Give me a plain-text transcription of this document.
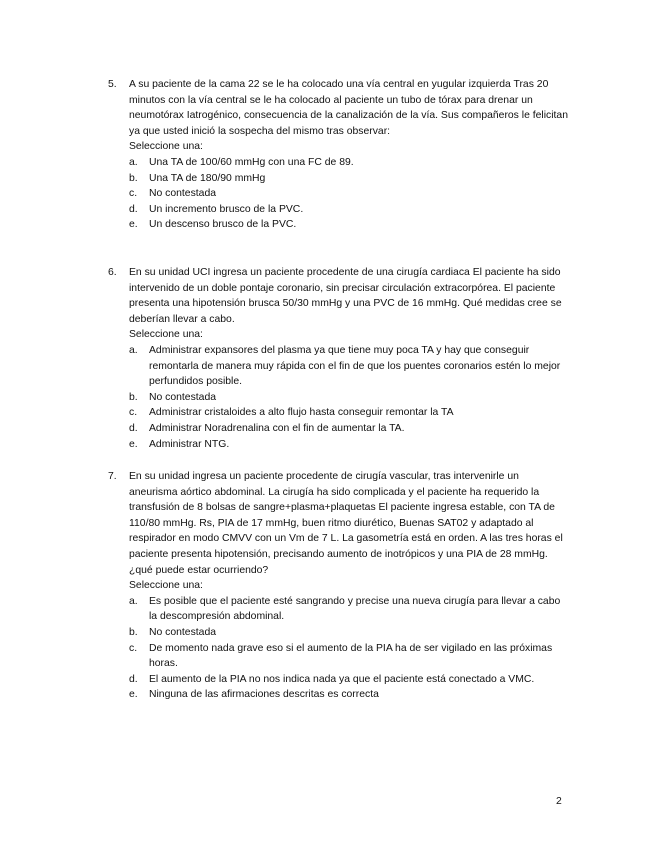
5. A su paciente de la cama 22 se le ha colocado una vía central en yugular izquierda Tras 20 minutos con la vía central se le ha colocado al paciente un tubo de tórax para drenar un neumotórax Iatrogénico, consecuencia de la canalización de la vía. Sus compañeros le felicitan ya que usted inició la sospecha del mismo tras observar:
Seleccione una:
a. Una TA de 100/60 mmHg con una FC de 89.
b. Una TA de 180/90 mmHg
c. No contestada
d. Un incremento brusco de la PVC.
e. Un descenso brusco de la PVC.
6. En su unidad UCI ingresa un paciente procedente de una cirugía cardiaca El paciente ha sido intervenido de un doble pontaje coronario, sin precisar circulación extracorpórea. El paciente presenta una hipotensión brusca 50/30 mmHg y una PVC de 16 mmHg. Qué medidas cree se deberían llevar a cabo.
Seleccione una:
a. Administrar expansores del plasma ya que tiene muy poca TA y hay que conseguir remontarla de manera muy rápida con el fin de que los puentes coronarios estén lo mejor perfundidos posible.
b. No contestada
c. Administrar cristaloides a alto flujo hasta conseguir remontar la TA
d. Administrar Noradrenalina con el fin de aumentar la TA.
e. Administrar NTG.
7. En su unidad ingresa un paciente procedente de cirugía vascular, tras intervenirle un aneurisma aórtico abdominal. La cirugía ha sido complicada y el paciente ha requerido la transfusión de 8 bolsas de sangre+plasma+plaquetas El paciente ingresa estable, con TA de 110/80 mmHg. Rs, PIA de 17 mmHg, buen ritmo diurético, Buenas SAT02 y adaptado al respirador en modo CMVV con un Vm de 7 L. La gasometría está en orden. A las tres horas el paciente presenta hipotensión, precisando aumento de inotrópicos y una PIA de 28 mmHg. ¿qué puede estar ocurriendo?
Seleccione una:
a. Es posible que el paciente esté sangrando y precise una nueva cirugía para llevar a cabo la descompresión abdominal.
b. No contestada
c. De momento nada grave eso si el aumento de la PIA ha de ser vigilado en las próximas horas.
d. El aumento de la PIA no nos indica nada ya que el paciente está conectado a VMC.
e. Ninguna de las afirmaciones descritas es correcta
2
